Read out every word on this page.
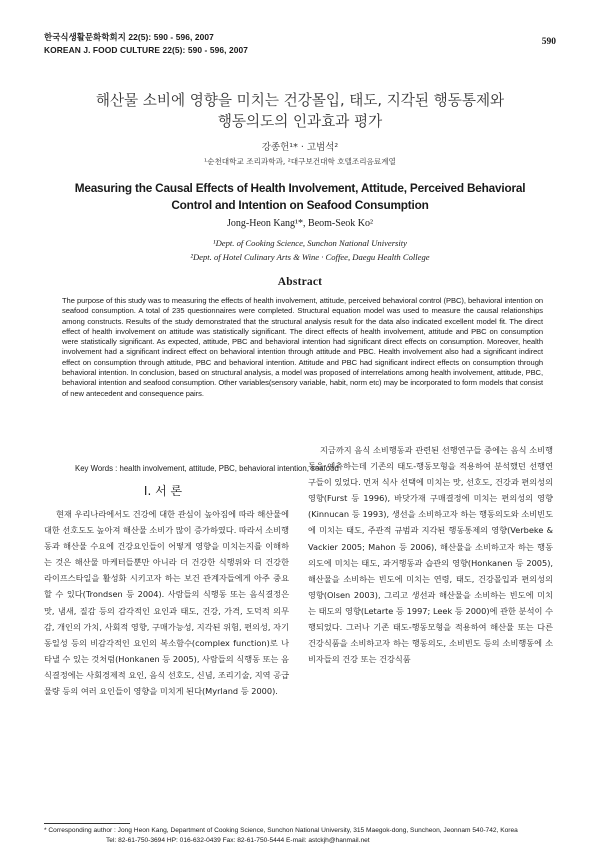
한국식생활문화학회지 22(5): 590 - 596, 2007
KOREAN J. FOOD CULTURE 22(5): 590 - 596, 2007
590
해산물 소비에 영향을 미치는 건강몰입, 태도, 지각된 행동통제와
행동의도의 인과효과 평가
강종헌¹* · 고범석²
¹순천대학교 조리과학과, ²대구보건대학 호텔조리음료계열
Measuring the Causal Effects of Health Involvement, Attitude, Perceived Behavioral
Control and Intention on Seafood Consumption
Jong-Heon Kang¹*, Beom-Seok Ko²
¹Dept. of Cooking Science, Sunchon National University
²Dept. of Hotel Culinary Arts & Wine · Coffee, Daegu Health College
Abstract
The purpose of this study was to measuring the effects of health involvement, attitude, perceived behavioral control (PBC), behavioral intention on seafood consumption. A total of 235 questionnaires were completed. Structural equation model was used to measure the causal relationships among constructs. Results of the study demonstrated that the structural analysis result for the data also indicated excellent model fit. The direct effect of health involvement on attitude was statistically significant. The direct effects of health involvement, attitude and PBC on consumption were statistically significant. As expected, attitude, PBC and behavioral intention had significant direct effects on consumption. Moreover, health involvement had a significant indirect effect on behavioral intention through attitude and PBC. Health involvement also had a significant indirect effect on consumption through attitude, PBC and behavioral intention. Attitude and PBC had significant indirect effects on consumption through behavioral intention. In conclusion, based on structural analysis, a model was proposed of interrelations among health involvement, attitude, PBC, behavioral intention and seafood consumption. Other variables(sensory variable, habit, norm etc) may be incorporated to form models that consist of new antecedent and consequence pairs.
Key Words : health involvement, attitude, PBC, behavioral intention, seafood
I. 서 론

현재 우리나라에서도 건강에 대한 관심이 높아짐에 따라 해산물에 대한 선호도도 높아져 해산물 소비가 많이 증가하였다. 따라서 소비행동과 해산물 수요에 건강요인들이 어떻게 영향을 미치는지를 이해하는 것은 해산물 마케터들뿐만 아니라 더 건강한 식행위와 더 건강한 라이프스타일을 활성화 시키고자 하는 보건 관계자들에게 아주 중요할 수 있다(Trondsen 등 2004). 사람들의 식행동 또는 음식결정은 맛, 냄새, 질감 등의 감각적인 요인과 태도, 건강, 가격, 도덕적 의무감, 개인의 가치, 사회적 영향, 구매가능성, 지각된 위험, 편의성, 자기 동일성 등의 비감각적인 요인의 복소함수(complex function)로 나타낼 수 있는 것처럼(Honkanen 등 2005), 사람들의 식행동 또는 음식결정에는 사회경제적 요인, 음식 선호도, 신념, 조리기술, 지역 공급물량 등의 여러 요인들이 영향을 미치게 된다(Myrland 등 2000).

지금까지 음식 소비행동과 관련된 선행연구들 중에는 음식 소비행동을 예측하는데 기존의 태도-행동모형을 적용하여 분석했던 선행연구들이 있었다. 먼저 식사 선택에 미치는 맛, 선호도, 건강과 편의성의 영향(Furst 등 1996), 바닷가재 구매결정에 미치는 편의성의 영향(Kinnucan 등 1993), 생선을 소비하고자 하는 행동의도와 소비빈도에 미치는 태도, 주관적 규범과 지각된 행동통제의 영향(Verbeke & Vackier 2005; Mahon 등 2006), 해산물을 소비하고자 하는 행동의도에 미치는 태도, 과거행동과 습관의 영향(Honkanen 등 2005), 해산물을 소비하는 빈도에 미치는 연령, 태도, 건강몰입과 편의성의 영향(Olsen 2003), 그리고 생선과 해산물을 소비하는 빈도에 미치는 태도의 영향(Letarte 등 1997; Leek 등 2000)에 관한 분석이 수행되었다. 그러나 기존 태도-행동모형을 적용하여 해산물 또는 다른 건강식품을 소비하고자 하는 행동의도, 소비빈도 등의 소비행동에 소비자들의 건강 또는 건강식품

* Corresponding author : Jong Heon Kang, Department of Cooking Science, Sunchon National University, 315 Maegok-dong, Suncheon, Jeonnam 540-742, Korea
Tel: 82-61-750-3694 HP: 016-632-0439 Fax: 82-61-750-5444 E-mail: astckjh@hanmail.net
